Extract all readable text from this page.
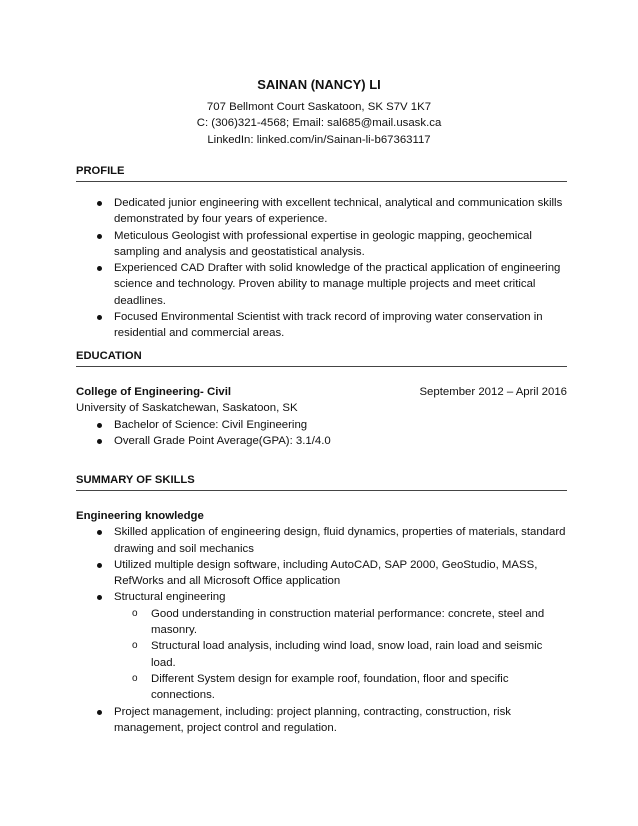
SAINAN (NANCY) LI
707 Bellmont Court Saskatoon, SK S7V 1K7
C: (306)321-4568; Email: sal685@mail.usask.ca
LinkedIn: linked.com/in/Sainan-li-b67363117
PROFILE
Dedicated junior engineering with excellent technical, analytical and communication skills demonstrated by four years of experience.
Meticulous Geologist with professional expertise in geologic mapping, geochemical sampling and analysis and geostatistical analysis.
Experienced CAD Drafter with solid knowledge of the practical application of engineering science and technology. Proven ability to manage multiple projects and meet critical deadlines.
Focused Environmental Scientist with track record of improving water conservation in residential and commercial areas.
EDUCATION
College of Engineering- Civil	September 2012 – April 2016
University of Saskatchewan, Saskatoon, SK
Bachelor of Science: Civil Engineering
Overall Grade Point Average(GPA): 3.1/4.0
SUMMARY OF SKILLS
Engineering knowledge
Skilled application of engineering design, fluid dynamics, properties of materials, standard drawing and soil mechanics
Utilized multiple design software, including AutoCAD, SAP 2000, GeoStudio, MASS, RefWorks and all Microsoft Office application
Structural engineering
o Good understanding in construction material performance: concrete, steel and masonry.
o Structural load analysis, including wind load, snow load, rain load and seismic load.
o Different System design for example roof, foundation, floor and specific connections.
Project management, including: project planning, contracting, construction, risk management, project control and regulation.
